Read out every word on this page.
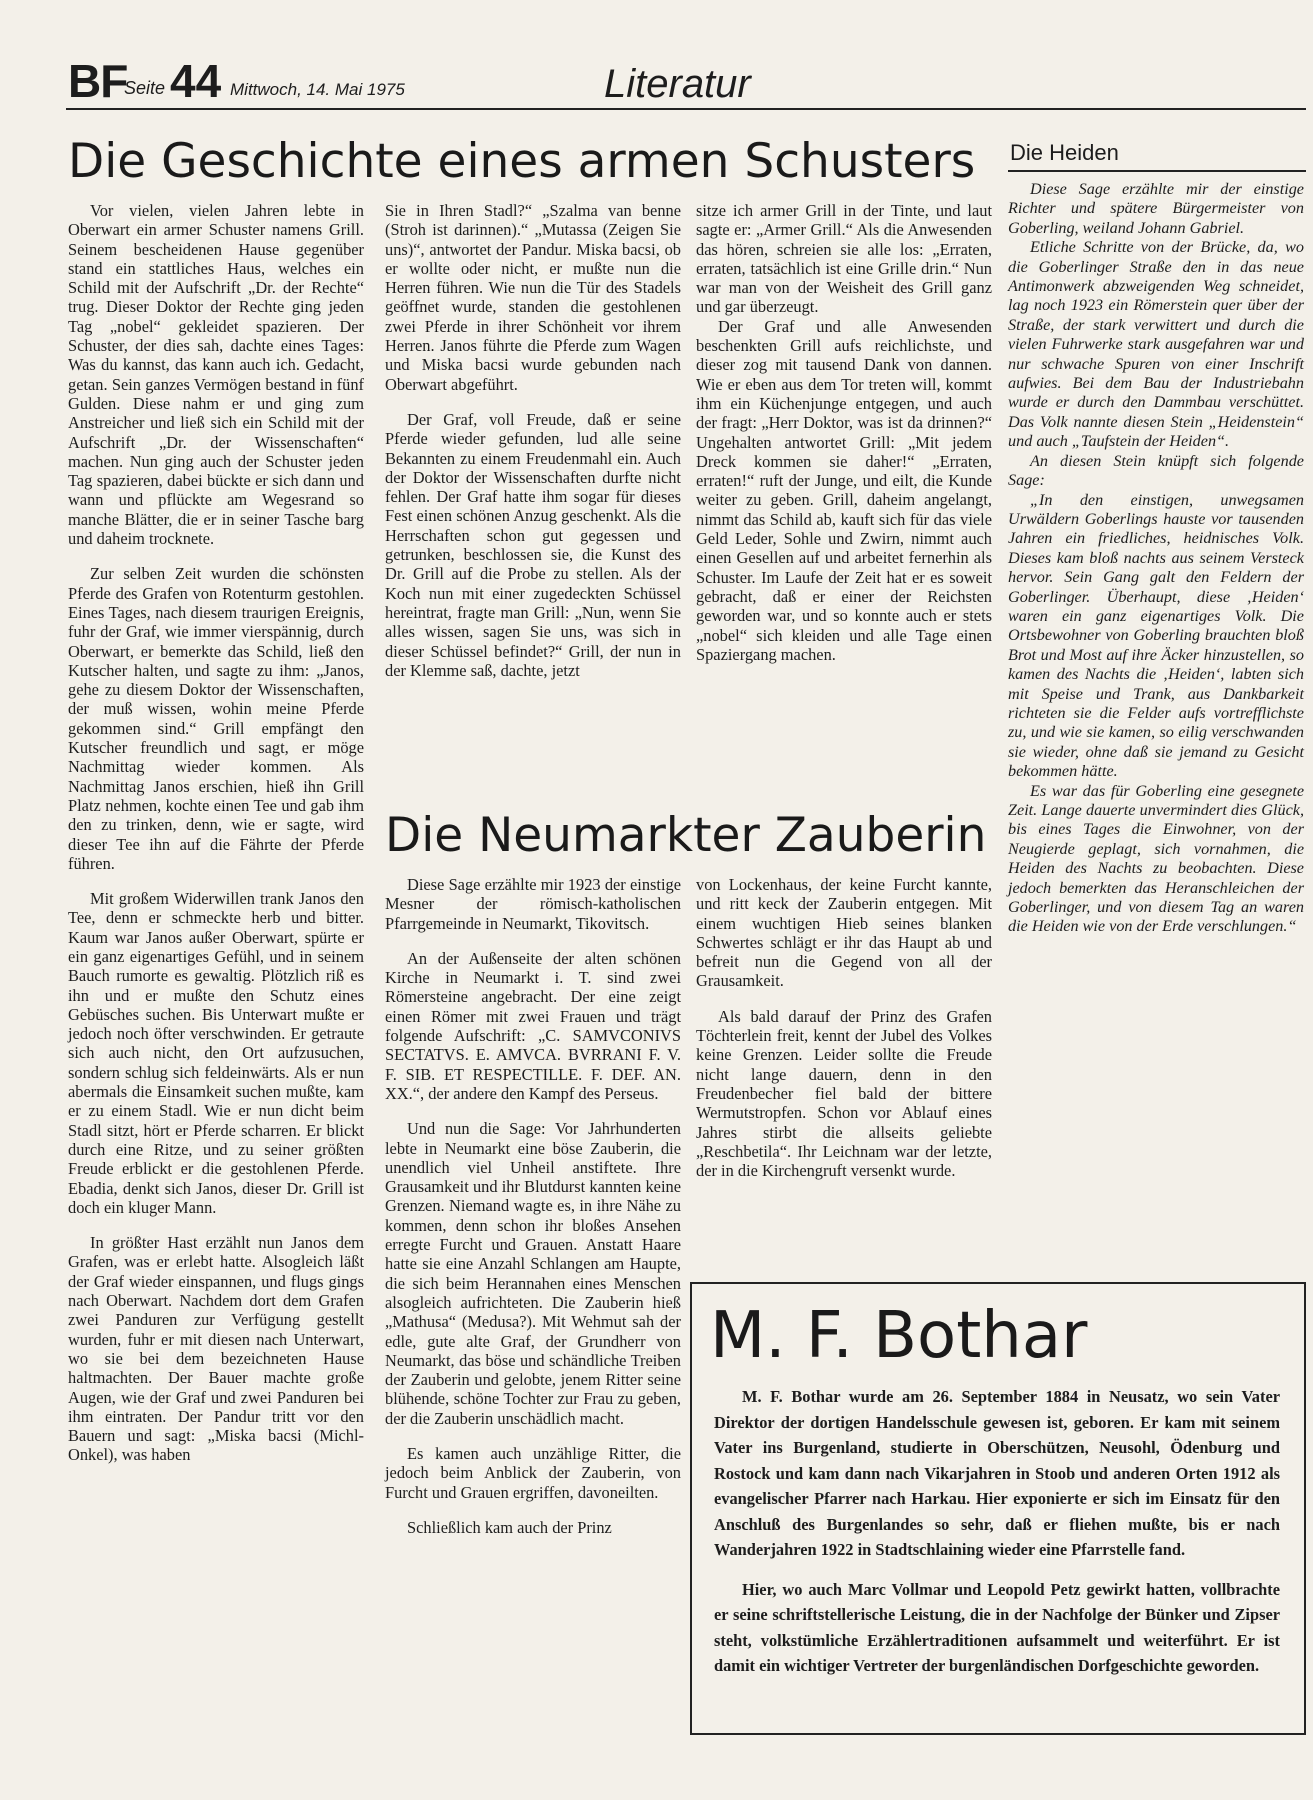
BF
Seite 44 Mittwoch, 14. Mai 1975	Literatur
Die Geschichte eines armen Schusters

Vor vielen, vielen Jahren lebte in Oberwart ein armer Schuster namens Grill. Seinem bescheidenen Hause gegenüber stand ein stattliches Haus, welches ein Schild mit der Aufschrift „Dr. der Rechte“ trug. Dieser Doktor der Rechte ging jeden Tag „nobel“ gekleidet spazieren. Der Schuster, der dies sah, dachte eines Tages: Was du kannst, das kann auch ich. Gedacht, getan. Sein ganzes Vermögen bestand in fünf Gulden. Diese nahm er und ging zum Anstreicher und ließ sich ein Schild mit der Aufschrift „Dr. der Wissenschaften“ machen. Nun ging auch der Schuster jeden Tag spazieren, dabei bückte er sich dann und wann und pflückte am Wegesrand so manche Blätter, die er in seiner Tasche barg und daheim trocknete.

Zur selben Zeit wurden die schönsten Pferde des Grafen von Rotenturm gestohlen. Eines Tages, nach diesem traurigen Ereignis, fuhr der Graf, wie immer vierspännig, durch Oberwart, er bemerkte das Schild, ließ den Kutscher halten, und sagte zu ihm: „Janos, gehe zu diesem Doktor der Wissenschaften, der muß wissen, wohin meine Pferde gekommen sind.“ Grill empfängt den Kutscher freundlich und sagt, er möge Nachmittag wieder kommen. Als Nachmittag Janos erschien, hieß ihn Grill Platz nehmen, kochte einen Tee und gab ihm den zu trinken, denn, wie er sagte, wird dieser Tee ihn auf die Fährte der Pferde führen.

Mit großem Widerwillen trank Janos den Tee, denn er schmeckte herb und bitter. Kaum war Janos außer Oberwart, spürte er ein ganz eigenartiges Gefühl, und in seinem Bauch rumorte es gewaltig. Plötzlich riß es ihn und er mußte den Schutz eines Gebüsches suchen. Bis Unterwart mußte er jedoch noch öfter verschwinden. Er getraute sich auch nicht, den Ort aufzusuchen, sondern schlug sich feldeinwärts. Als er nun abermals die Einsamkeit suchen mußte, kam er zu einem Stadl. Wie er nun dicht beim Stadl sitzt, hört er Pferde scharren. Er blickt durch eine Ritze, und zu seiner größten Freude erblickt er die gestohlenen Pferde. Ebadia, denkt sich Janos, dieser Dr. Grill ist doch ein kluger Mann.

In größter Hast erzählt nun Janos dem Grafen, was er erlebt hatte. Alsogleich läßt der Graf wieder einspannen, und flugs gings nach Oberwart. Nachdem dort dem Grafen zwei Panduren zur Verfügung gestellt wurden, fuhr er mit diesen nach Unterwart, wo sie bei dem bezeichneten Hause haltmachten. Der Bauer machte große Augen, wie der Graf und zwei Panduren bei ihm eintraten. Der Pandur tritt vor den Bauern und sagt: „Miska bacsi (Michl-Onkel), was haben

Sie in Ihren Stadl?“ „Szalma van benne (Stroh ist darinnen).“ „Mutassa (Zeigen Sie uns)“, antwortet der Pandur. Miska bacsi, ob er wollte oder nicht, er mußte nun die Herren führen. Wie nun die Tür des Stadels geöffnet wurde, standen die gestohlenen zwei Pferde in ihrer Schönheit vor ihrem Herren. Janos führte die Pferde zum Wagen und Miska bacsi wurde gebunden nach Oberwart abgeführt.

Der Graf, voll Freude, daß er seine Pferde wieder gefunden, lud alle seine Bekannten zu einem Freudenmahl ein. Auch der Doktor der Wissenschaften durfte nicht fehlen. Der Graf hatte ihm sogar für dieses Fest einen schönen Anzug geschenkt. Als die Herrschaften schon gut gegessen und getrunken, beschlossen sie, die Kunst des Dr. Grill auf die Probe zu stellen. Als der Koch nun mit einer zugedeckten Schüssel hereintrat, fragte man Grill: „Nun, wenn Sie alles wissen, sagen Sie uns, was sich in dieser Schüssel befindet?“ Grill, der nun in der Klemme saß, dachte, jetzt

sitze ich armer Grill in der Tinte, und laut sagte er: „Armer Grill.“ Als die Anwesenden das hören, schreien sie alle los: „Erraten, erraten, tatsächlich ist eine Grille drin.“ Nun war man von der Weisheit des Grill ganz und gar überzeugt.

Der Graf und alle Anwesenden beschenkten Grill aufs reichlichste, und dieser zog mit tausend Dank von dannen. Wie er eben aus dem Tor treten will, kommt ihm ein Küchenjunge entgegen, und auch der fragt: „Herr Doktor, was ist da drinnen?“ Ungehalten antwortet Grill: „Mit jedem Dreck kommen sie daher!“ „Erraten, erraten!“ ruft der Junge, und eilt, die Kunde weiter zu geben. Grill, daheim angelangt, nimmt das Schild ab, kauft sich für das viele Geld Leder, Sohle und Zwirn, nimmt auch einen Gesellen auf und arbeitet fernerhin als Schuster. Im Laufe der Zeit hat er es soweit gebracht, daß er einer der Reichsten geworden war, und so konnte auch er stets „nobel“ sich kleiden und alle Tage einen Spaziergang machen.

Die Neumarkter Zauberin

Diese Sage erzählte mir 1923 der einstige Mesner der römisch-katholischen Pfarrgemeinde in Neumarkt, Tikovitsch.

An der Außenseite der alten schönen Kirche in Neumarkt i. T. sind zwei Römersteine angebracht. Der eine zeigt einen Römer mit zwei Frauen und trägt folgende Aufschrift: „C. SAMVCONIVS SECTATVS. E. AMVCA. BVRRANI F. V. F. SIB. ET RESPECTILLE. F. DEF. AN. XX.“, der andere den Kampf des Perseus.

Und nun die Sage: Vor Jahrhunderten lebte in Neumarkt eine böse Zauberin, die unendlich viel Unheil anstiftete. Ihre Grausamkeit und ihr Blutdurst kannten keine Grenzen. Niemand wagte es, in ihre Nähe zu kommen, denn schon ihr bloßes Ansehen erregte Furcht und Grauen. Anstatt Haare hatte sie eine Anzahl Schlangen am Haupte, die sich beim Herannahen eines Menschen alsogleich aufrichteten. Die Zauberin hieß „Mathusa“ (Medusa?). Mit Wehmut sah der edle, gute alte Graf, der Grundherr von Neumarkt, das böse und schändliche Treiben der Zauberin und gelobte, jenem Ritter seine blühende, schöne Tochter zur Frau zu geben, der die Zauberin unschädlich macht.

Es kamen auch unzählige Ritter, die jedoch beim Anblick der Zauberin, von Furcht und Grauen ergriffen, davoneilten.

Schließlich kam auch der Prinz

von Lockenhaus, der keine Furcht kannte, und ritt keck der Zauberin entgegen. Mit einem wuchtigen Hieb seines blanken Schwertes schlägt er ihr das Haupt ab und befreit nun die Gegend von all der Grausamkeit.

Als bald darauf der Prinz des Grafen Töchterlein freit, kennt der Jubel des Volkes keine Grenzen. Leider sollte die Freude nicht lange dauern, denn in den Freudenbecher fiel bald der bittere Wermutstropfen. Schon vor Ablauf eines Jahres stirbt die allseits geliebte „Reschbetila“. Ihr Leichnam war der letzte, der in die Kirchengruft versenkt wurde.

Die Heiden

Diese Sage erzählte mir der einstige Richter und spätere Bürgermeister von Goberling, weiland Johann Gabriel.

Etliche Schritte von der Brücke, da, wo die Goberlinger Straße den in das neue Antimonwerk abzweigenden Weg schneidet, lag noch 1923 ein Römerstein quer über der Straße, der stark verwittert und durch die vielen Fuhrwerke stark ausgefahren war und nur schwache Spuren von einer Inschrift aufwies. Bei dem Bau der Industriebahn wurde er durch den Dammbau verschüttet. Das Volk nannte diesen Stein „Heidenstein“ und auch „Taufstein der Heiden“.

An diesen Stein knüpft sich folgende Sage:

„In den einstigen, unwegsamen Urwäldern Goberlings hauste vor tausenden Jahren ein friedliches, heidnisches Volk. Dieses kam bloß nachts aus seinem Versteck hervor. Sein Gang galt den Feldern der Goberlinger. Überhaupt, diese ‚Heiden‘ waren ein ganz eigenartiges Volk. Die Ortsbewohner von Goberling brauchten bloß Brot und Most auf ihre Äcker hinzustellen, so kamen des Nachts die ‚Heiden‘, labten sich mit Speise und Trank, aus Dankbarkeit richteten sie die Felder aufs vortrefflichste zu, und wie sie kamen, so eilig verschwanden sie wieder, ohne daß sie jemand zu Gesicht bekommen hätte.

Es war das für Goberling eine gesegnete Zeit. Lange dauerte unvermindert dies Glück, bis eines Tages die Einwohner, von der Neugierde geplagt, sich vornahmen, die Heiden des Nachts zu beobachten. Diese jedoch bemerkten das Heranschleichen der Goberlinger, und von diesem Tag an waren die Heiden wie von der Erde verschlungen.“

M. F. Bothar

M. F. Bothar wurde am 26. September 1884 in Neusatz, wo sein Vater Direktor der dortigen Handelsschule gewesen ist, geboren. Er kam mit seinem Vater ins Burgenland, studierte in Oberschützen, Neusohl, Ödenburg und Rostock und kam dann nach Vikarjahren in Stoob und anderen Orten 1912 als evangelischer Pfarrer nach Harkau. Hier exponierte er sich im Einsatz für den Anschluß des Burgenlandes so sehr, daß er fliehen mußte, bis er nach Wanderjahren 1922 in Stadtschlaining wieder eine Pfarrstelle fand.

Hier, wo auch Marc Vollmar und Leopold Petz gewirkt hatten, vollbrachte er seine schriftstellerische Leistung, die in der Nachfolge der Bünker und Zipser steht, volkstümliche Erzählertraditionen aufsammelt und weiterführt. Er ist damit ein wichtiger Vertreter der burgenländischen Dorfgeschichte geworden.
